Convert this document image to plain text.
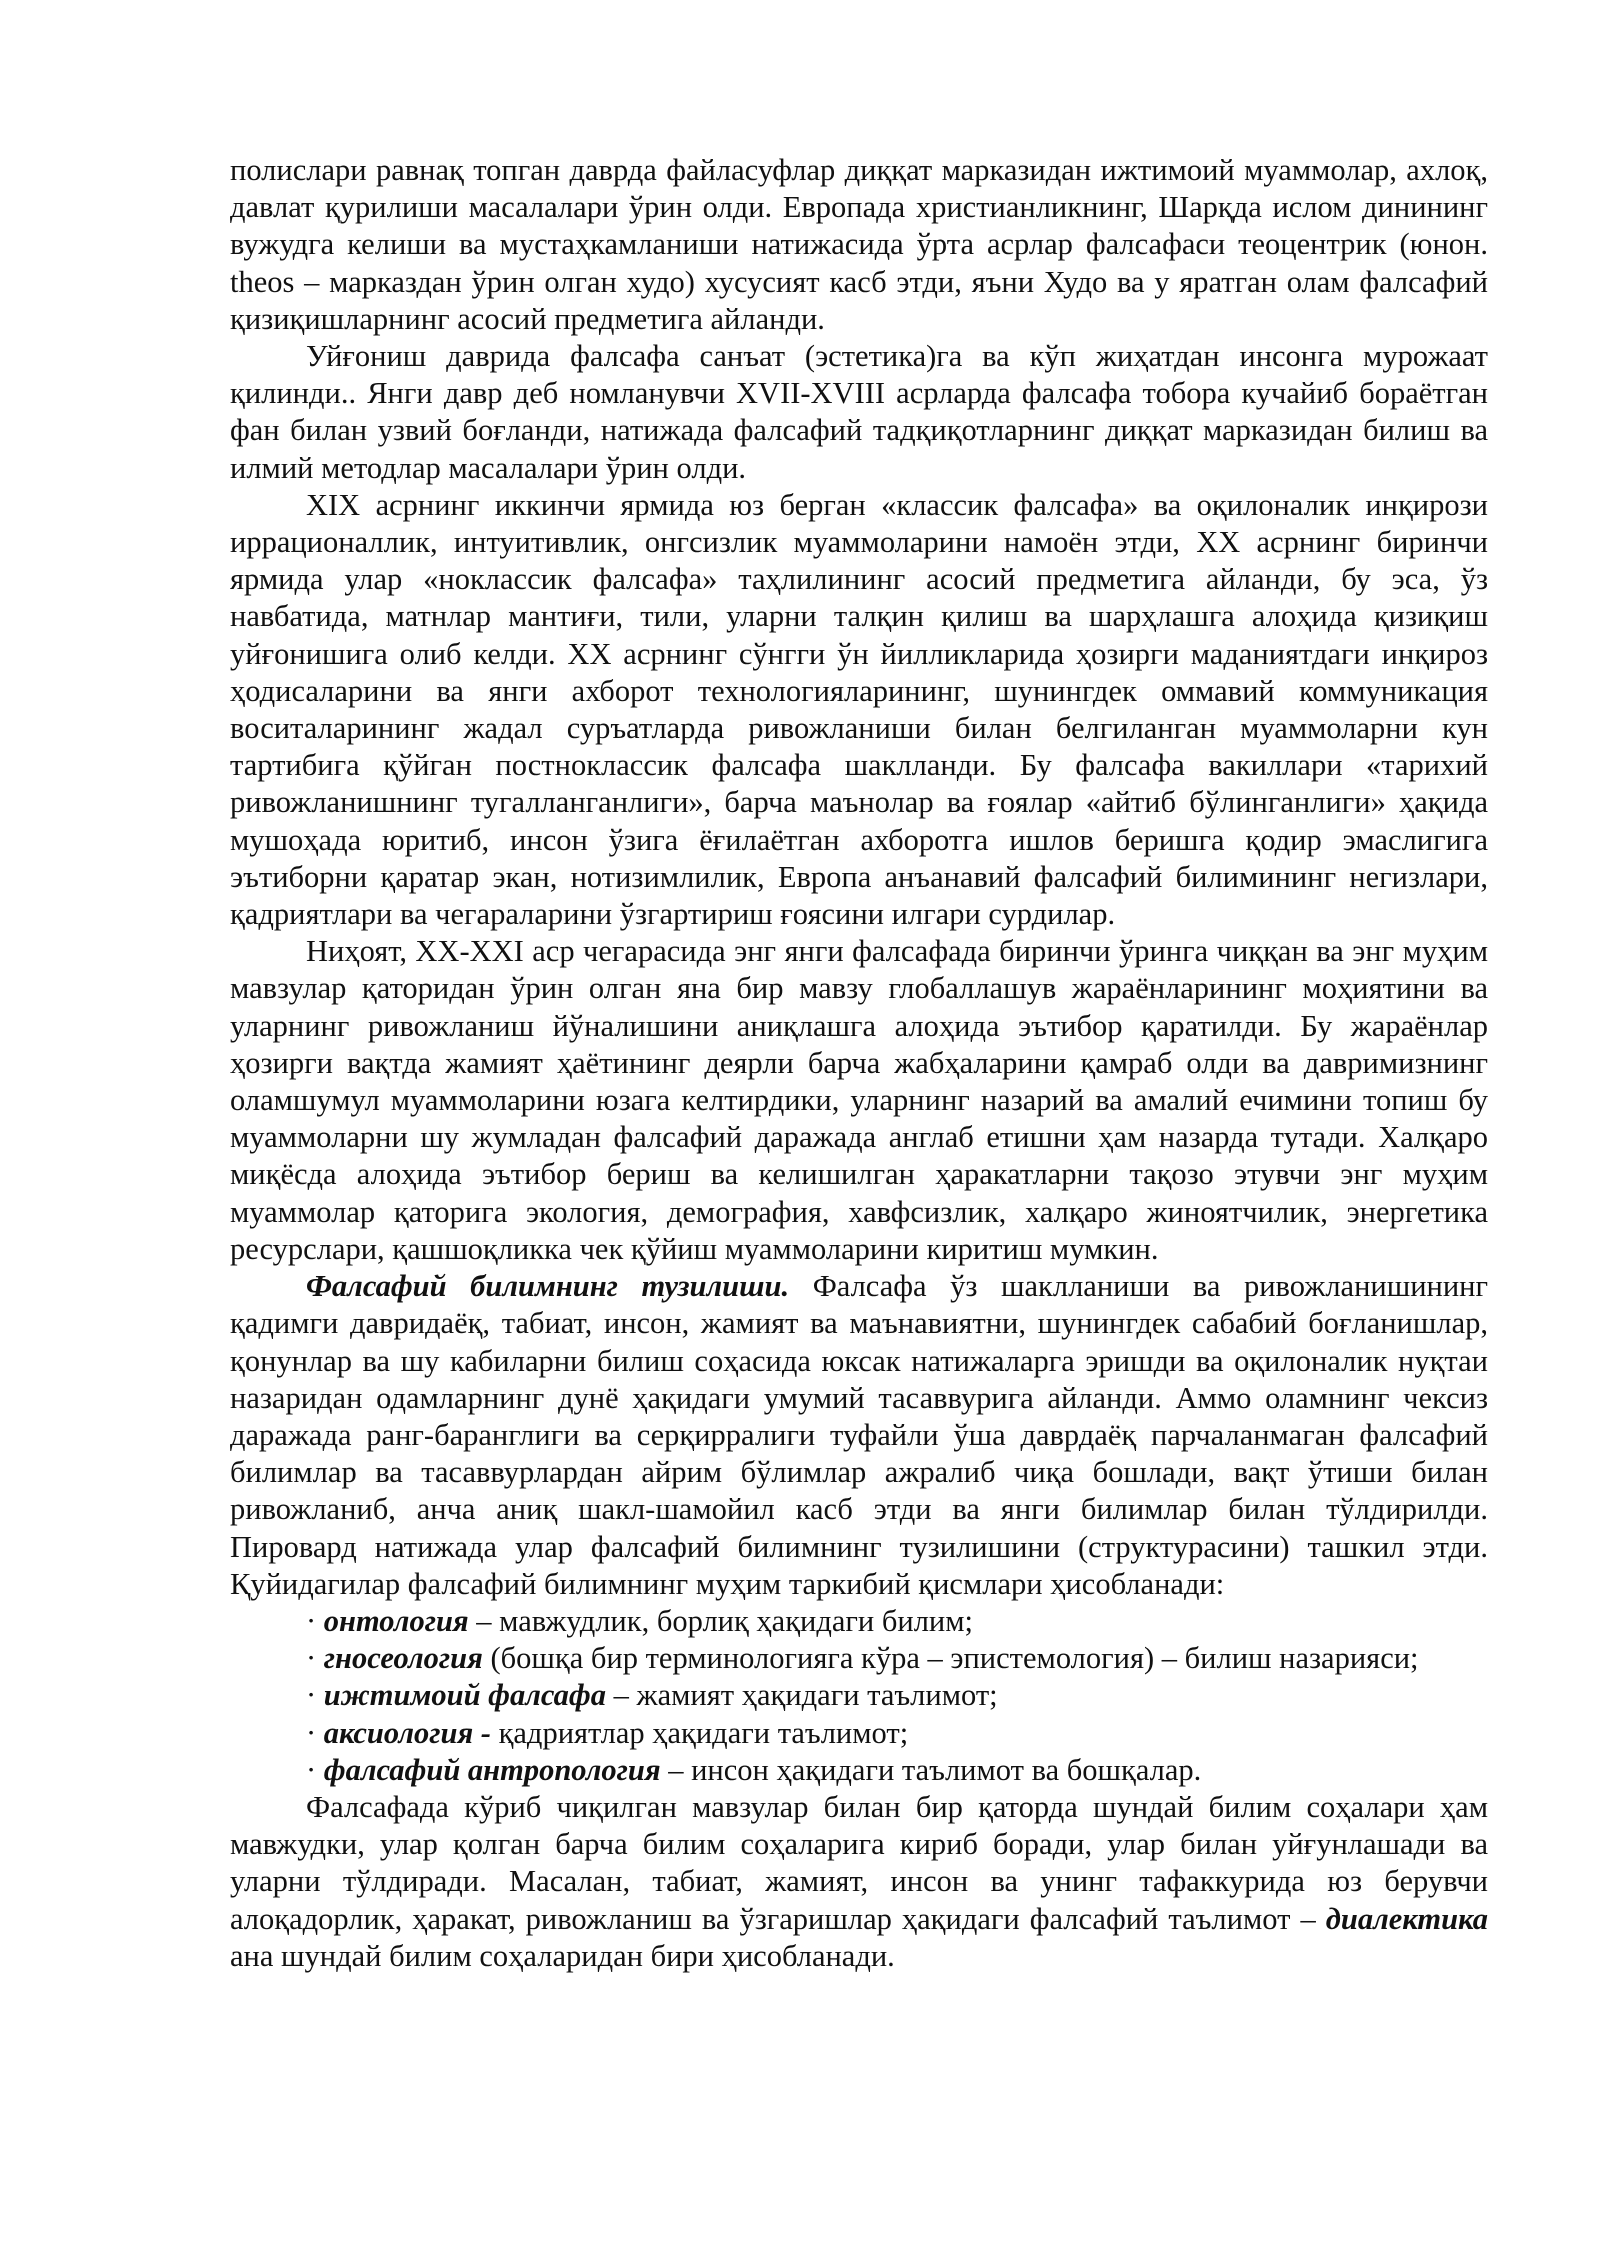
полислари равнақ топган даврда файласуфлар диққат марказидан ижтимоий муаммолар, ахлоқ, давлат қурилиши масалалари ўрин олди. Европада христианликнинг, Шарқда ислом динининг вужудга келиши ва мустаҳкамланиши натижасида ўрта асрлар фалсафаси теоцентрик (юнон. theos – марказдан ўрин олган худо) хусусият касб этди, яъни Худо ва у яратган олам фалсафий қизиқишларнинг асосий предметига айланди.

Уйғониш даврида фалсафа санъат (эстетика)га ва кўп жиҳатдан инсонга мурожаат қилинди.. Янги давр деб номланувчи XVII-XVIII асрларда фалсафа тобора кучайиб бораётган фан билан узвий боғланди, натижада фалсафий тадқиқотларнинг диққат марказидан билиш ва илмий методлар масалалари ўрин олди.

XIX асрнинг иккинчи ярмида юз берган «классик фалсафа» ва оқилоналик инқирози иррационаллик, интуитивлик, онгсизлик муаммоларини намоён этди, XX асрнинг биринчи ярмида улар «ноклассик фалсафа» таҳлилининг асосий предметига айланди, бу эса, ўз навбатида, матнлар мантиғи, тили, уларни талқин қилиш ва шарҳлашга алоҳида қизиқиш уйғонишига олиб келди. XX асрнинг сўнгги ўн йилликларида ҳозирги маданиятдаги инқироз ҳодисаларини ва янги ахборот технологияларининг, шунингдек оммавий коммуникация воситаларининг жадал суръатларда ривожланиши билан белгиланган муаммоларни кун тартибига қўйган постноклассик фалсафа шаклланди. Бу фалсафа вакиллари «тарихий ривожланишнинг тугалланганлиги», барча маънолар ва ғоялар «айтиб бўлинганлиги» ҳақида мушоҳада юритиб, инсон ўзига ёғилаётган ахборотга ишлов беришга қодир эмаслигига эътиборни қаратар экан, нотизимлилик, Европа анъанавий фалсафий билимининг негизлари, қадриятлари ва чегараларини ўзгартириш ғоясини илгари сурдилар.

Ниҳоят, XX-XXI аср чегарасида энг янги фалсафада биринчи ўринга чиққан ва энг муҳим мавзулар қаторидан ўрин олган яна бир мавзу глобаллашув жараёнларининг моҳиятини ва уларнинг ривожланиш йўналишини аниқлашга алоҳида эътибор қаратилди. Бу жараёнлар ҳозирги вақтда жамият ҳаётининг деярли барча жабҳаларини қамраб олди ва давримизнинг оламшумул муаммоларини юзага келтирдики, уларнинг назарий ва амалий ечимини топиш бу муаммоларни шу жумладан фалсафий даражада англаб етишни ҳам назарда тутади. Халқаро миқёсда алоҳида эътибор бериш ва келишилган ҳаракатларни тақозо этувчи энг муҳим муаммолар қаторига экология, демография, хавфсизлик, халқаро жиноятчилик, энергетика ресурслари, қашшоқликка чек қўйиш муаммоларини киритиш мумкин.

Фалсафий билимнинг тузилиши. Фалсафа ўз шаклланиши ва ривожланишининг қадимги давридаёқ, табиат, инсон, жамият ва маънавиятни, шунингдек сабабий боғланишлар, қонунлар ва шу кабиларни билиш соҳасида юксак натижаларга эришди ва оқилоналик нуқтаи назаридан одамларнинг дунё ҳақидаги умумий тасаввурига айланди. Аммо оламнинг чексиз даражада ранг-баранглиги ва серқирралиги туфайли ўша даврдаёқ парчаланмаган фалсафий билимлар ва тасаввурлардан айрим бўлимлар ажралиб чиқа бошлади, вақт ўтиши билан ривожланиб, анча аниқ шакл-шамойил касб этди ва янги билимлар билан тўлдирилди. Пировард натижада улар фалсафий билимнинг тузилишини (структурасини) ташкил этди. Қуйидагилар фалсафий билимнинг муҳим таркибий қисмлари ҳисобланади:

· онтология – мавжудлик, борлиқ ҳақидаги билим;
· гносеология (бошқа бир терминологияга кўра – эпистемология) – билиш назарияси;
· ижтимоий фалсафа – жамият ҳақидаги таълимот;
· аксиология - қадриятлар ҳақидаги таълимот;
· фалсафий антропология – инсон ҳақидаги таълимот ва бошқалар.

Фалсафада кўриб чиқилган мавзулар билан бир қаторда шундай билим соҳалари ҳам мавжудки, улар қолган барча билим соҳаларига кириб боради, улар билан уйғунлашади ва уларни тўлдиради. Масалан, табиат, жамият, инсон ва унинг тафаккурида юз берувчи алоқадорлик, ҳаракат, ривожланиш ва ўзгаришлар ҳақидаги фалсафий таълимот – диалектика ана шундай билим соҳаларидан бири ҳисобланади.
